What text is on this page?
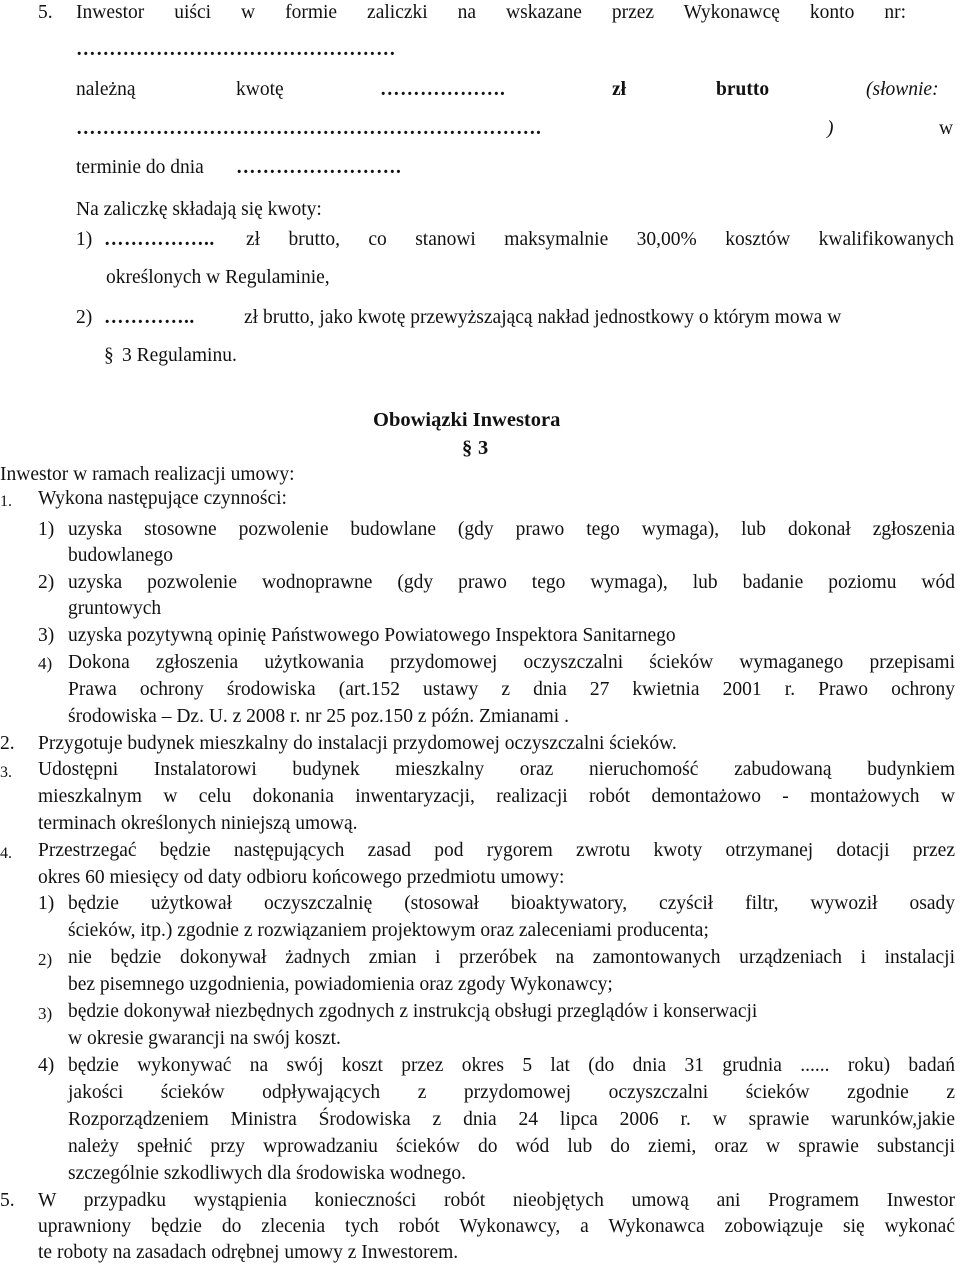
5. Inwestor uiści w formie zaliczki na wskazane przez Wykonawcę konto nr:
…………………………………………
należną	kwotę	……………….	zł	brutto	(słownie:
…………………………………………………………….	)	w
terminie do dnia …………………….
Na zaliczkę składają się kwoty:
1) …………….. zł brutto, co stanowi maksymalnie 30,00% kosztów kwalifikowanych
określonych w Regulaminie,
2) …………..	zł brutto, jako kwotę przewyższającą nakład jednostkowy o którym mowa w
§ 3 Regulaminu.
Obowiązki Inwestora
§ 3
Inwestor w ramach realizacji umowy:
1. Wykona następujące czynności:
1) uzyska stosowne pozwolenie budowlane (gdy prawo tego wymaga), lub dokonał zgłoszenia
budowlanego
2) uzyska pozwolenie wodnoprawne (gdy prawo tego wymaga), lub badanie poziomu wód
gruntowych
3) uzyska pozytywną opinię Państwowego Powiatowego Inspektora Sanitarnego
4) Dokona zgłoszenia użytkowania przydomowej oczyszczalni ścieków wymaganego przepisami
Prawa ochrony środowiska (art.152 ustawy z dnia 27 kwietnia 2001 r. Prawo ochrony
środowiska – Dz. U. z 2008 r. nr 25 poz.150 z późn. Zmianami .
2. Przygotuje budynek mieszkalny do instalacji przydomowej oczyszczalni ścieków.
3. Udostępni Instalatorowi budynek mieszkalny oraz nieruchomość zabudowaną budynkiem
mieszkalnym w celu dokonania inwentaryzacji, realizacji robót demontażowo - montażowych w
terminach określonych niniejszą umową.
4. Przestrzegać będzie następujących zasad pod rygorem zwrotu kwoty otrzymanej dotacji przez
okres 60 miesięcy od daty odbioru końcowego przedmiotu umowy:
1) będzie użytkował oczyszczalnię (stosował bioaktywatory, czyścił filtr, wywoził osady
ścieków, itp.) zgodnie z rozwiązaniem projektowym oraz zaleceniami producenta;
2) nie będzie dokonywał żadnych zmian i przeróbek na zamontowanych urządzeniach i instalacji
bez pisemnego uzgodnienia, powiadomienia oraz zgody Wykonawcy;
3) będzie dokonywał niezbędnych zgodnych z instrukcją obsługi przeglądów i konserwacji
w okresie gwarancji na swój koszt.
4) będzie wykonywać na swój koszt przez okres 5 lat (do dnia 31 grudnia ...... roku) badań
jakości ścieków odpływających z przydomowej oczyszczalni ścieków zgodnie z
Rozporządzeniem Ministra Środowiska z dnia 24 lipca 2006 r. w sprawie warunków,jakie
należy spełnić przy wprowadzaniu ścieków do wód lub do ziemi, oraz w sprawie substancji
szczególnie szkodliwych dla środowiska wodnego.
5. W przypadku wystąpienia konieczności robót nieobjętych umową ani Programem Inwestor
uprawniony będzie do zlecenia tych robót Wykonawcy, a Wykonawca zobowiązuje się wykonać
te roboty na zasadach odrębnej umowy z Inwestorem.
